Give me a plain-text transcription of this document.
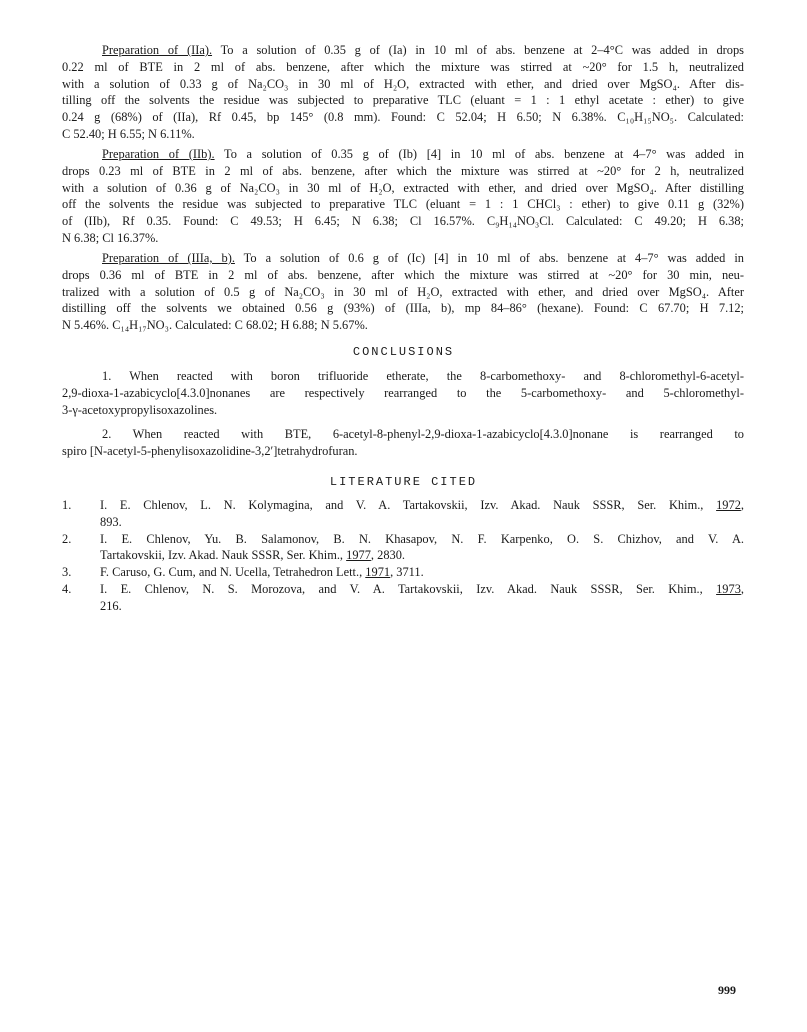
Preparation of (IIa). To a solution of 0.35 g of (Ia) in 10 ml of abs. benzene at 2–4°C was added in drops
0.22 ml of BTE in 2 ml of abs. benzene, after which the mixture was stirred at ~20° for 1.5 h, neutralized
with a solution of 0.33 g of Na₂CO₃ in 30 ml of H₂O, extracted with ether, and dried over MgSO₄. After dis-
tilling off the solvents the residue was subjected to preparative TLC (eluant = 1 : 1 ethyl acetate : ether) to give
0.24 g (68%) of (IIa), Rf 0.45, bp 145° (0.8 mm). Found: C 52.04; H 6.50; N 6.38%. C₁₀H₁₅NO₅. Calculated:
C 52.40; H 6.55; N 6.11%.

Preparation of (IIb). To a solution of 0.35 g of (Ib) [4] in 10 ml of abs. benzene at 4–7° was added in
drops 0.23 ml of BTE in 2 ml of abs. benzene, after which the mixture was stirred at ~20° for 2 h, neutralized
with a solution of 0.36 g of Na₂CO₃ in 30 ml of H₂O, extracted with ether, and dried over MgSO₄. After distilling
off the solvents the residue was subjected to preparative TLC (eluant = 1 : 1 CHCl₃ : ether) to give 0.11 g (32%)
of (IIb), Rf 0.35. Found: C 49.53; H 6.45; N 6.38; Cl 16.57%. C₉H₁₄NO₃Cl. Calculated: C 49.20; H 6.38;
N 6.38; Cl 16.37%.

Preparation of (IIIa, b). To a solution of 0.6 g of (Ic) [4] in 10 ml of abs. benzene at 4–7° was added in
drops 0.36 ml of BTE in 2 ml of abs. benzene, after which the mixture was stirred at ~20° for 30 min, neu-
tralized with a solution of 0.5 g of Na₂CO₃ in 30 ml of H₂O, extracted with ether, and dried over MgSO₄. After
distilling off the solvents we obtained 0.56 g (93%) of (IIIa, b), mp 84–86° (hexane). Found: C 67.70; H 7.12;
N 5.46%. C₁₄H₁₇NO₃. Calculated: C 68.02; H 6.88; N 5.67%.

CONCLUSIONS

1. When reacted with boron trifluoride etherate, the 8-carbomethoxy- and 8-chloromethyl-6-acetyl-
2,9-dioxa-1-azabicyclo[4.3.0]nonanes are respectively rearranged to the 5-carbomethoxy- and 5-chloromethyl-
3-γ-acetoxypropylisoxazolines.

2. When reacted with BTE, 6-acetyl-8-phenyl-2,9-dioxa-1-azabicyclo[4.3.0]nonane is rearranged to
spiro [N-acetyl-5-phenylisoxazolidine-3,2′]tetrahydrofuran.

LITERATURE CITED

1. I. E. Chlenov, L. N. Kolymagina, and V. A. Tartakovskii, Izv. Akad. Nauk SSSR, Ser. Khim., 1972,
893.
2. I. E. Chlenov, Yu. B. Salamonov, B. N. Khasapov, N. F. Karpenko, O. S. Chizhov, and V. A.
Tartakovskii, Izv. Akad. Nauk SSSR, Ser. Khim., 1977, 2830.
3. F. Caruso, G. Cum, and N. Ucella, Tetrahedron Lett., 1971, 3711.
4. I. E. Chlenov, N. S. Morozova, and V. A. Tartakovskii, Izv. Akad. Nauk SSSR, Ser. Khim., 1973,
216.

999
